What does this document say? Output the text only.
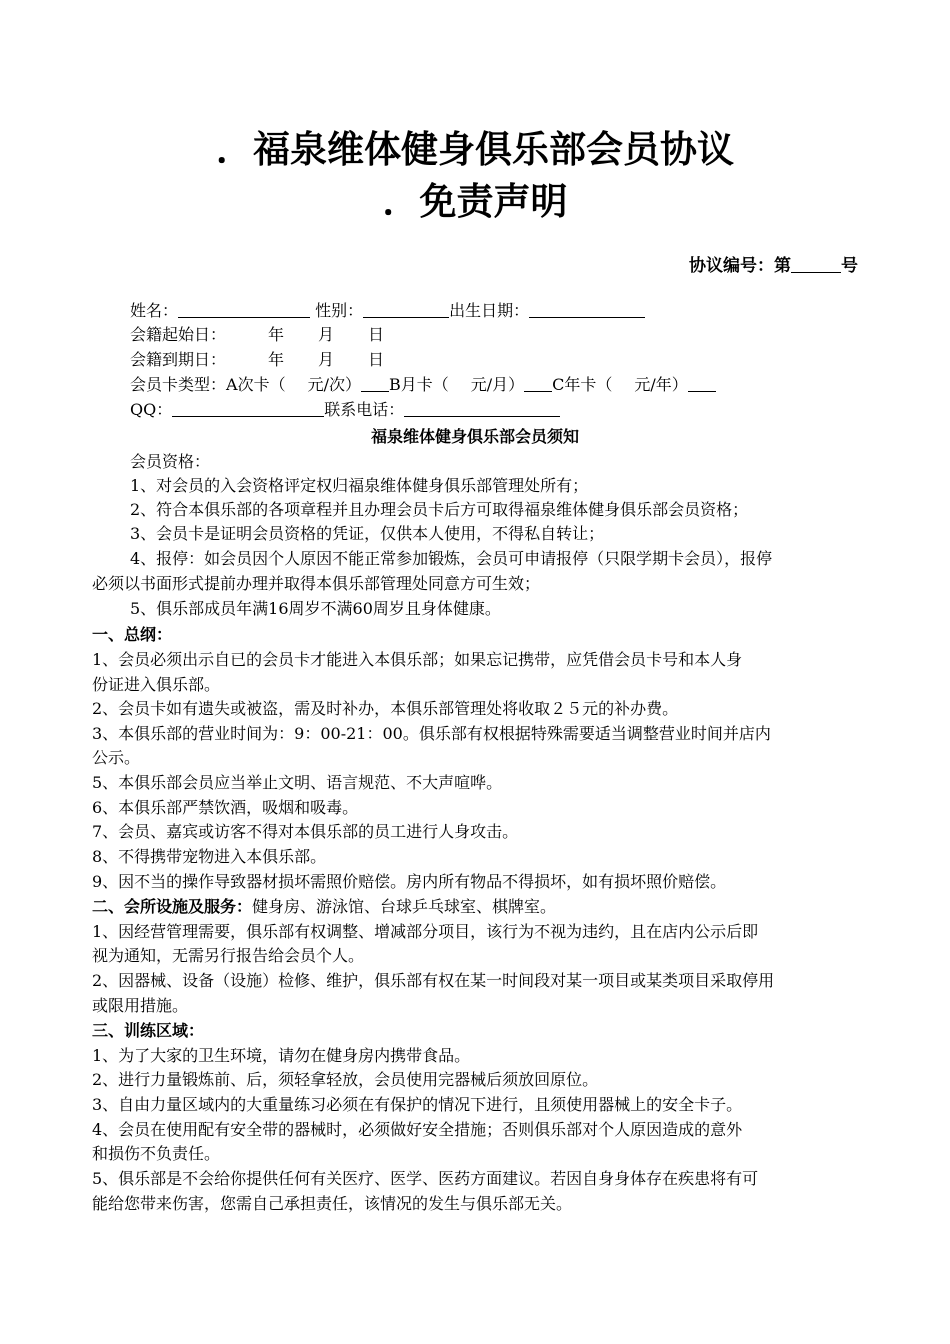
．福泉维体健身俱乐部会员协议
．免责声明
协议编号：第	号
姓名：	性别：	出生日期：
会籍起始日：	年 月 日
会籍到期日：	年 月 日
会员卡类型：A次卡（ 元/次） B月卡（ 元/月） C年卡（ 元/年）
QQ：	联系电话：
福泉维体健身俱乐部会员须知
会员资格：
1、对会员的入会资格评定权归福泉维体健身俱乐部管理处所有；
2、符合本俱乐部的各项章程并且办理会员卡后方可取得福泉维体健身俱乐部会员资格；
3、会员卡是证明会员资格的凭证，仅供本人使用，不得私自转让；
4、报停：如会员因个人原因不能正常参加锻炼，会员可申请报停（只限学期卡会员），报停
必须以书面形式提前办理并取得本俱乐部管理处同意方可生效；
5、俱乐部成员年满16周岁不满60周岁且身体健康。
一、总纲：
1、会员必须出示自已的会员卡才能进入本俱乐部；如果忘记携带，应凭借会员卡号和本人身
份证进入俱乐部。
2、会员卡如有遗失或被盗，需及时补办，本俱乐部管理处将收取２５元的补办费。
3、本俱乐部的营业时间为：9：00-21：00。俱乐部有权根据特殊需要适当调整营业时间并店内
公示。
5、本俱乐部会员应当举止文明、语言规范、不大声喧哗。
6、本俱乐部严禁饮酒，吸烟和吸毒。
7、会员、嘉宾或访客不得对本俱乐部的员工进行人身攻击。
8、不得携带宠物进入本俱乐部。
9、因不当的操作导致器材损坏需照价赔偿。房内所有物品不得损坏，如有损坏照价赔偿。
二、会所设施及服务：健身房、游泳馆、台球乒乓球室、棋牌室。
1、因经营管理需要，俱乐部有权调整、增减部分项目，该行为不视为违约，且在店内公示后即
视为通知，无需另行报告给会员个人。
2、因器械、设备（设施）检修、维护，俱乐部有权在某一时间段对某一项目或某类项目采取停用
或限用措施。
三、训练区域：
1、为了大家的卫生环境，请勿在健身房内携带食品。
2、进行力量锻炼前、后，须轻拿轻放，会员使用完器械后须放回原位。
3、自由力量区域内的大重量练习必须在有保护的情况下进行，且须使用器械上的安全卡子。
4、会员在使用配有安全带的器械时，必须做好安全措施；否则俱乐部对个人原因造成的意外
和损伤不负责任。
5、俱乐部是不会给你提供任何有关医疗、医学、医药方面建议。若因自身身体存在疾患将有可
能给您带来伤害，您需自己承担责任，该情况的发生与俱乐部无关。
